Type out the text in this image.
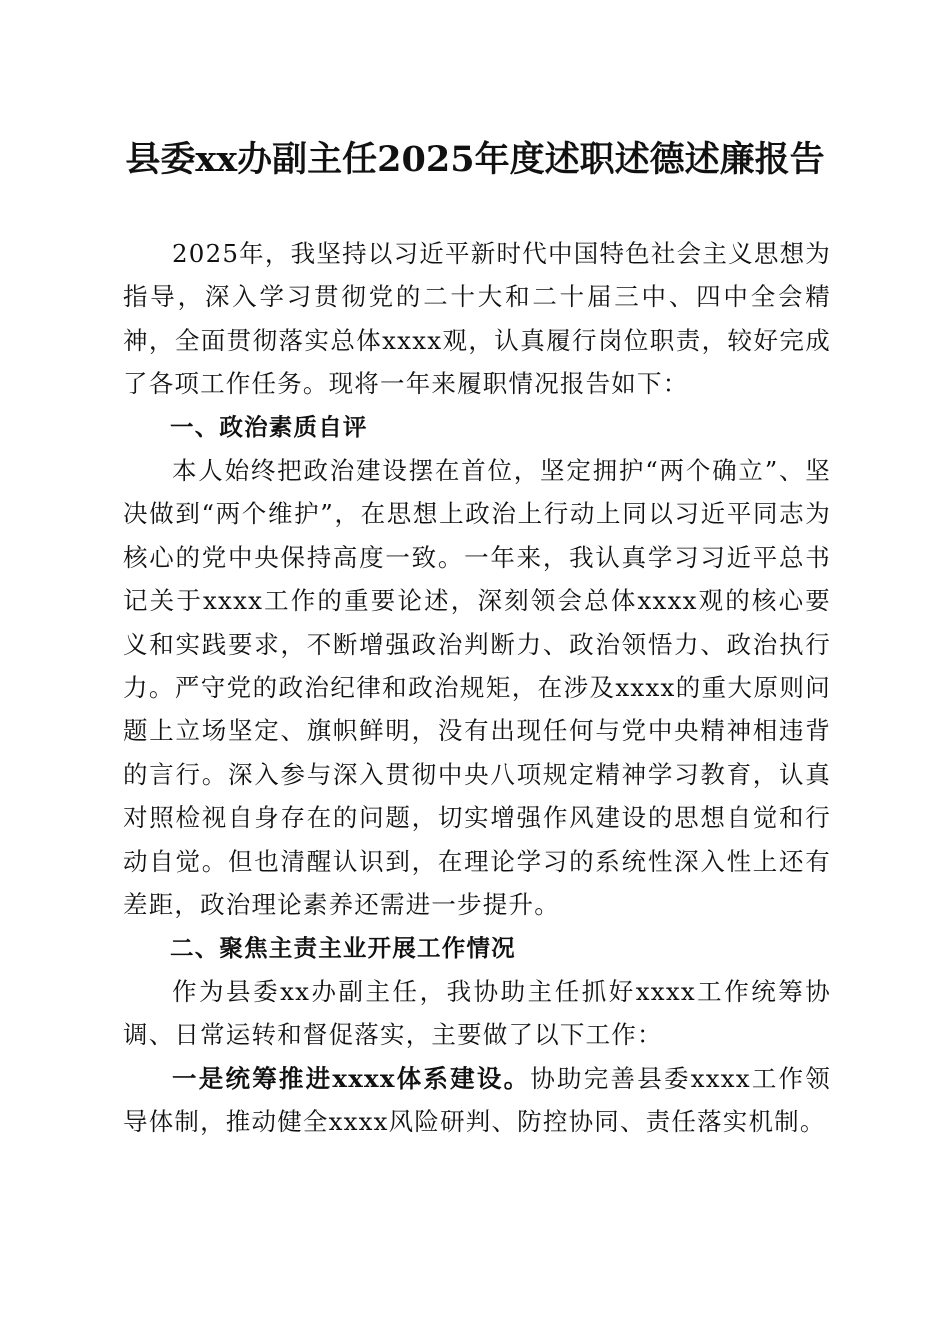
县委xx办副主任2025年度述职述德述廉报告

2025年，我坚持以习近平新时代中国特色社会主义思想为指导，深入学习贯彻党的二十大和二十届三中、四中全会精神，全面贯彻落实总体xxxx观，认真履行岗位职责，较好完成了各项工作任务。现将一年来履职情况报告如下：

一、政治素质自评

本人始终把政治建设摆在首位，坚定拥护“两个确立”、坚决做到“两个维护”，在思想上政治上行动上同以习近平同志为核心的党中央保持高度一致。一年来，我认真学习习近平总书记关于xxxx工作的重要论述，深刻领会总体xxxx观的核心要义和实践要求，不断增强政治判断力、政治领悟力、政治执行力。严守党的政治纪律和政治规矩，在涉及xxxx的重大原则问题上立场坚定、旗帜鲜明，没有出现任何与党中央精神相违背的言行。深入参与深入贯彻中央八项规定精神学习教育，认真对照检视自身存在的问题，切实增强作风建设的思想自觉和行动自觉。但也清醒认识到，在理论学习的系统性深入性上还有差距，政治理论素养还需进一步提升。

二、聚焦主责主业开展工作情况

作为县委xx办副主任，我协助主任抓好xxxx工作统筹协调、日常运转和督促落实，主要做了以下工作：

一是统筹推进xxxx体系建设。协助完善县委xxxx工作领导体制，推动健全xxxx风险研判、防控协同、责任落实机制。
